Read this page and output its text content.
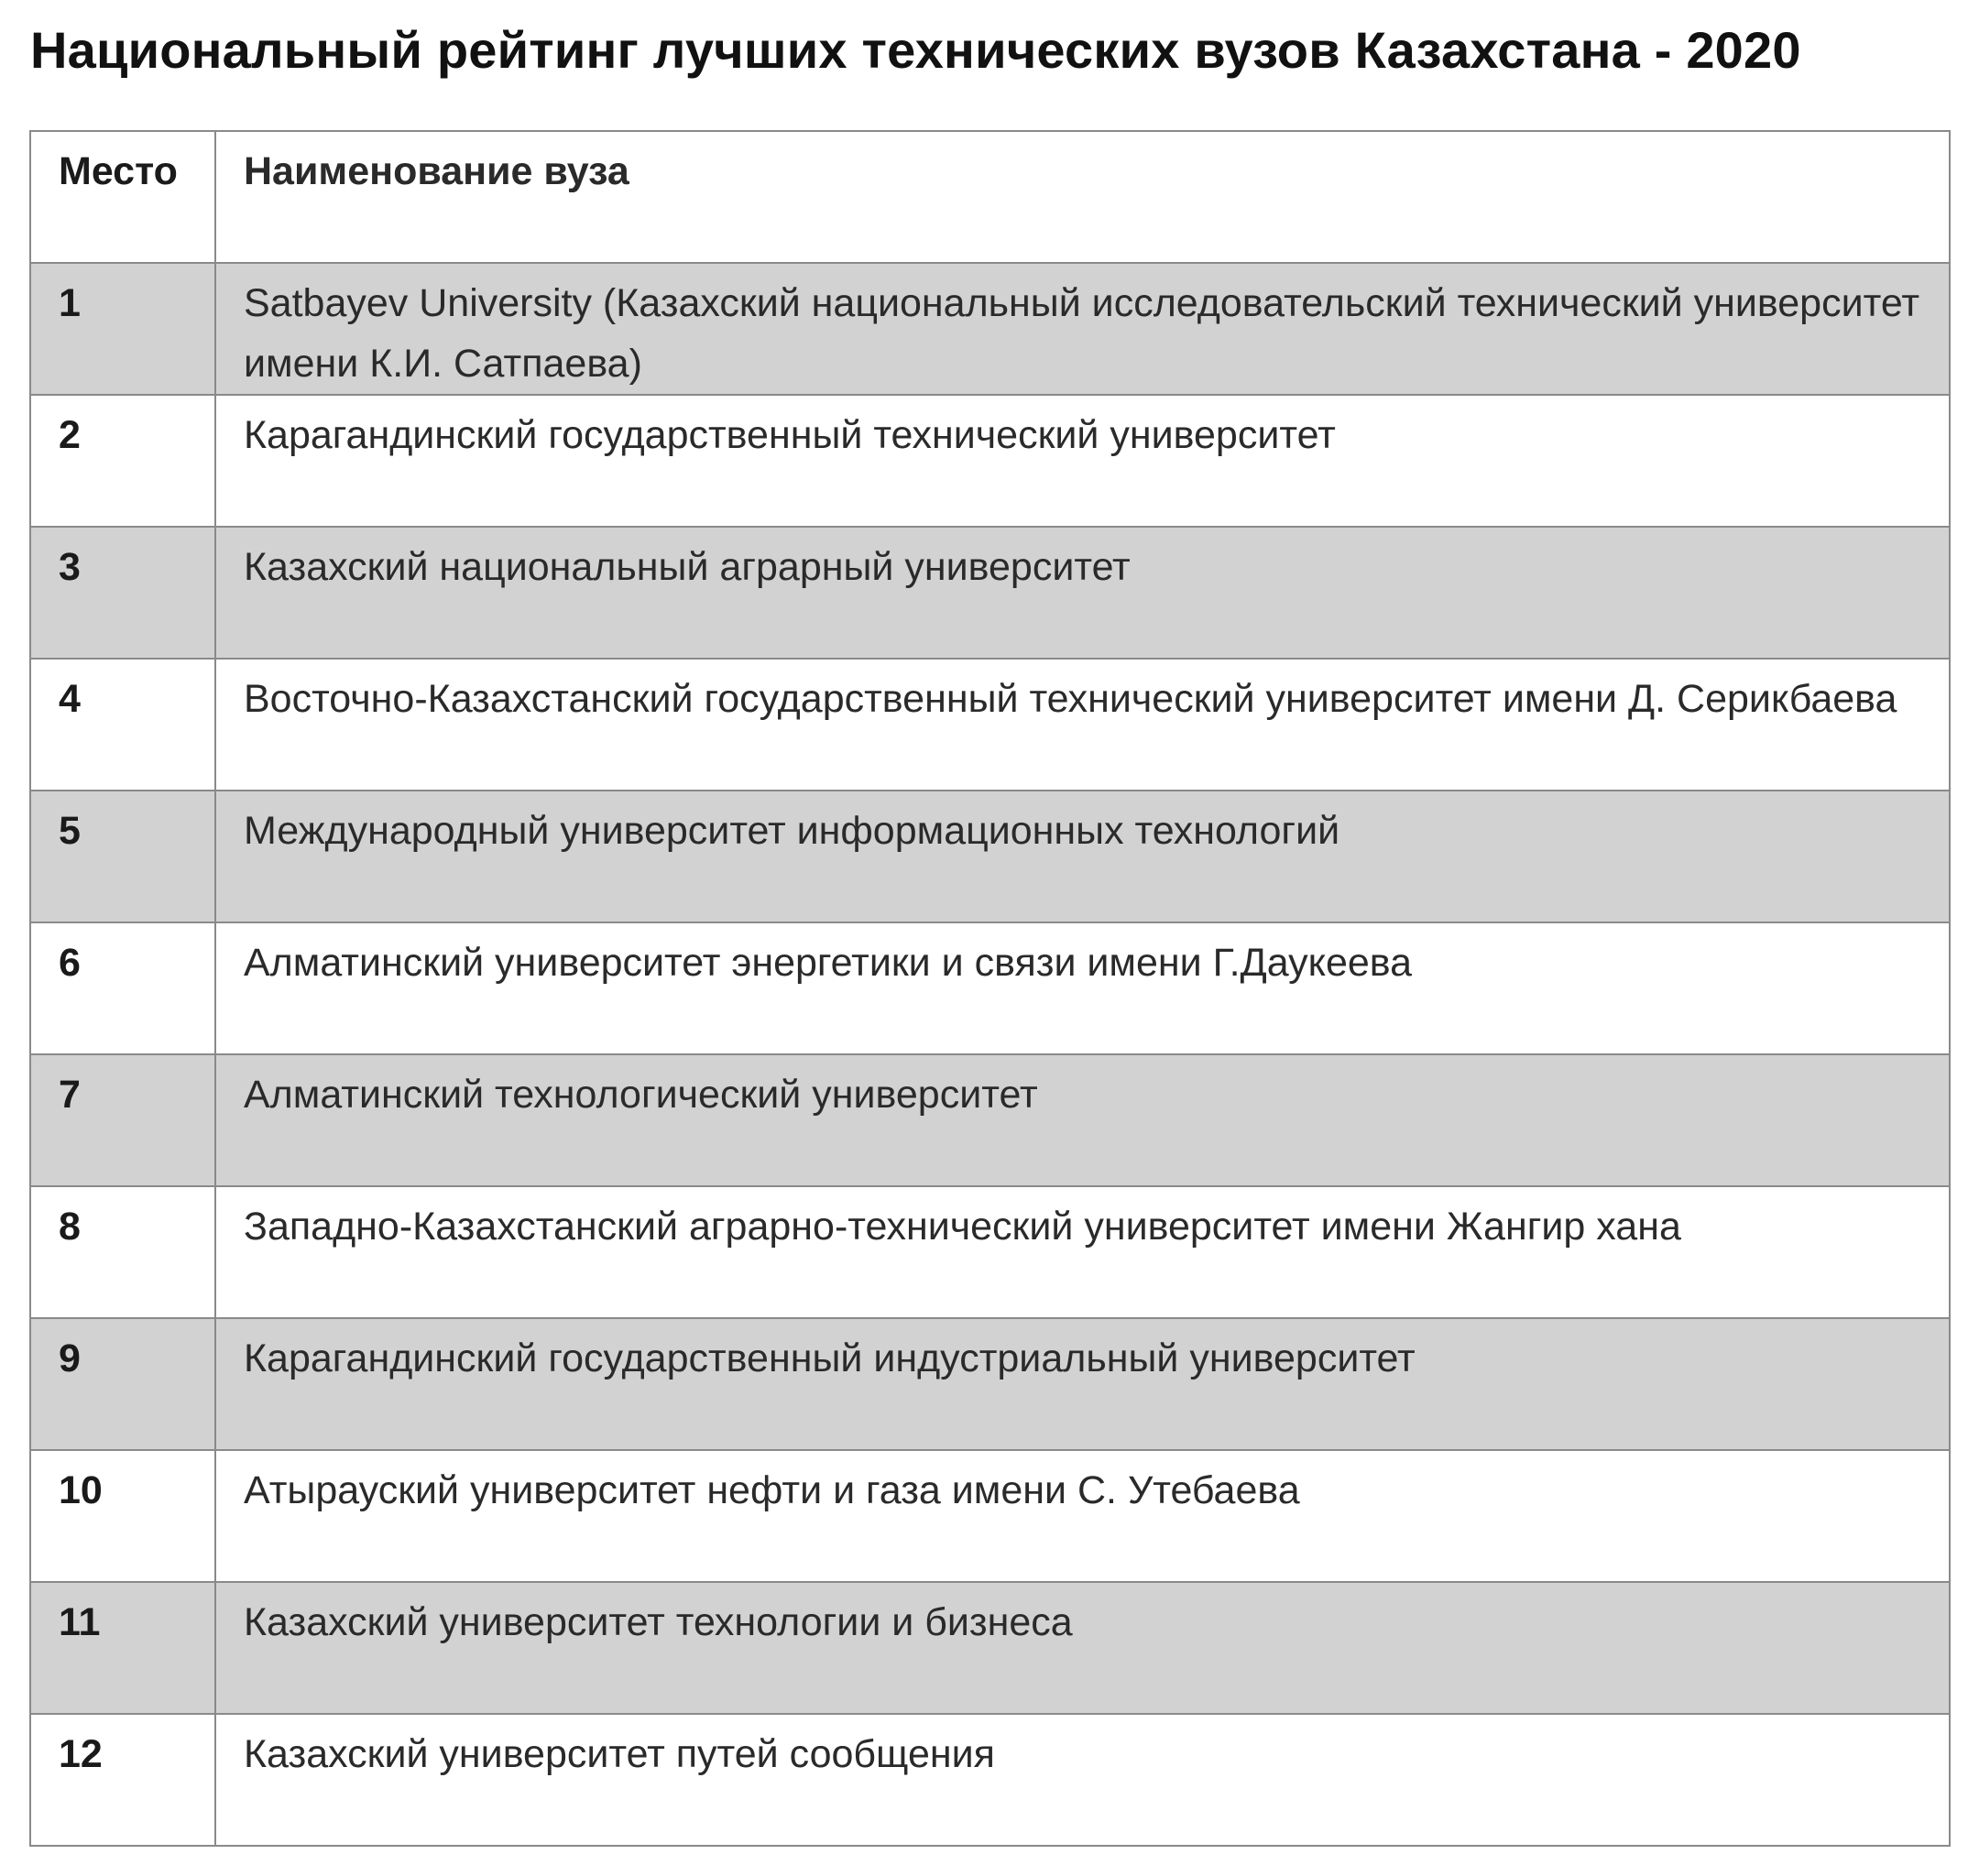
Национальный рейтинг лучших технических вузов Казахстана - 2020
Место	Наименование вуза
1	Satbayev University (Казахский национальный исследовательский технический университет имени К.И. Сатпаева)
2	Карагандинский государственный технический университет
3	Казахский национальный аграрный университет
4	Восточно-Казахстанский государственный технический университет имени Д. Серикбаева
5	Международный университет информационных технологий
6	Алматинский университет энергетики и связи имени Г.Даукеева
7	Алматинский технологический университет
8	Западно-Казахстанский аграрно-технический университет имени Жангир хана
9	Карагандинский государственный индустриальный университет
10	Атырауский университет нефти и газа имени С. Утебаева
11	Казахский университет технологии и бизнеса
12	Казахский университет путей сообщения
